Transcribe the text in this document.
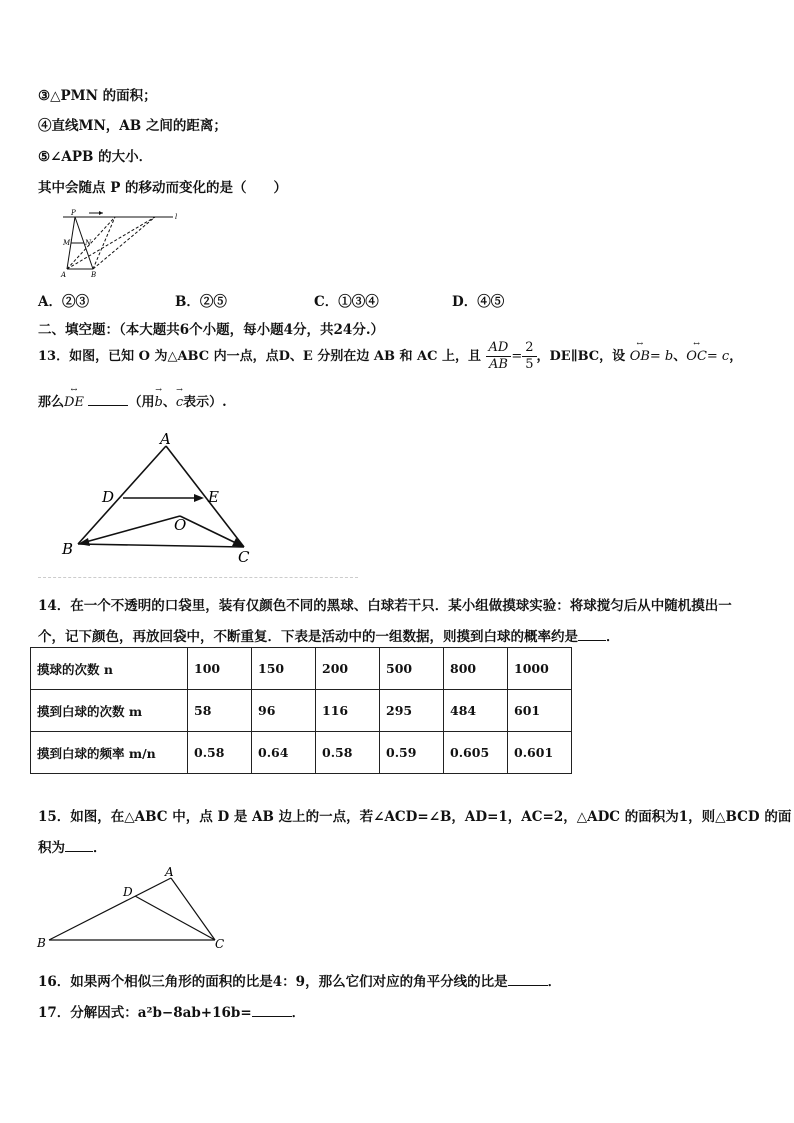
③△PMN 的面积；
④直线MN，AB 之间的距离；
⑤∠APB 的大小．
其中会随点 P 的移动而变化的是（　　）
P
M N
A	B
l
A．②③	B．②⑤	C．①③④	D．④⑤
二、填空题：（本大题共6个小题，每小题4分，共24分.）
13．如图，已知 O 为△ABC 内一点，点D、E 分别在边 AB 和 AC 上，且 $\frac{AD}{AB} = \frac{2}{5}$ ，DE∥BC，设 ↔ OB= b、↔ OC= c，
那么↔ DE	（用→ b、→ c表示）.
A
B	C
D	E
O
14．在一个不透明的口袋里，装有仅颜色不同的黑球、白球若干只．某小组做摸球实验：将球搅匀后从中随机摸出一
个，记下颜色，再放回袋中，不断重复．下表是活动中的一组数据，则摸到白球的概率约是 ．
摸球的次数 n	100	150	200	500	800	1000
摸到白球的次数 m	58	96	116	295	484	601
摸到白球的频率 m/n	0.58	0.64	0.58	0.59	0.605	0.601
15．如图，在△ABC 中，点 D 是 AB 边上的一点，若∠ACD=∠B，AD=1，AC=2，△ADC 的面积为1，则△BCD 的面
积为 ．
A
B	C
D
16．如果两个相似三角形的面积的比是4：9，那么它们对应的角平分线的比是	．
17．分解因式：a²b−8ab+16b=	．
